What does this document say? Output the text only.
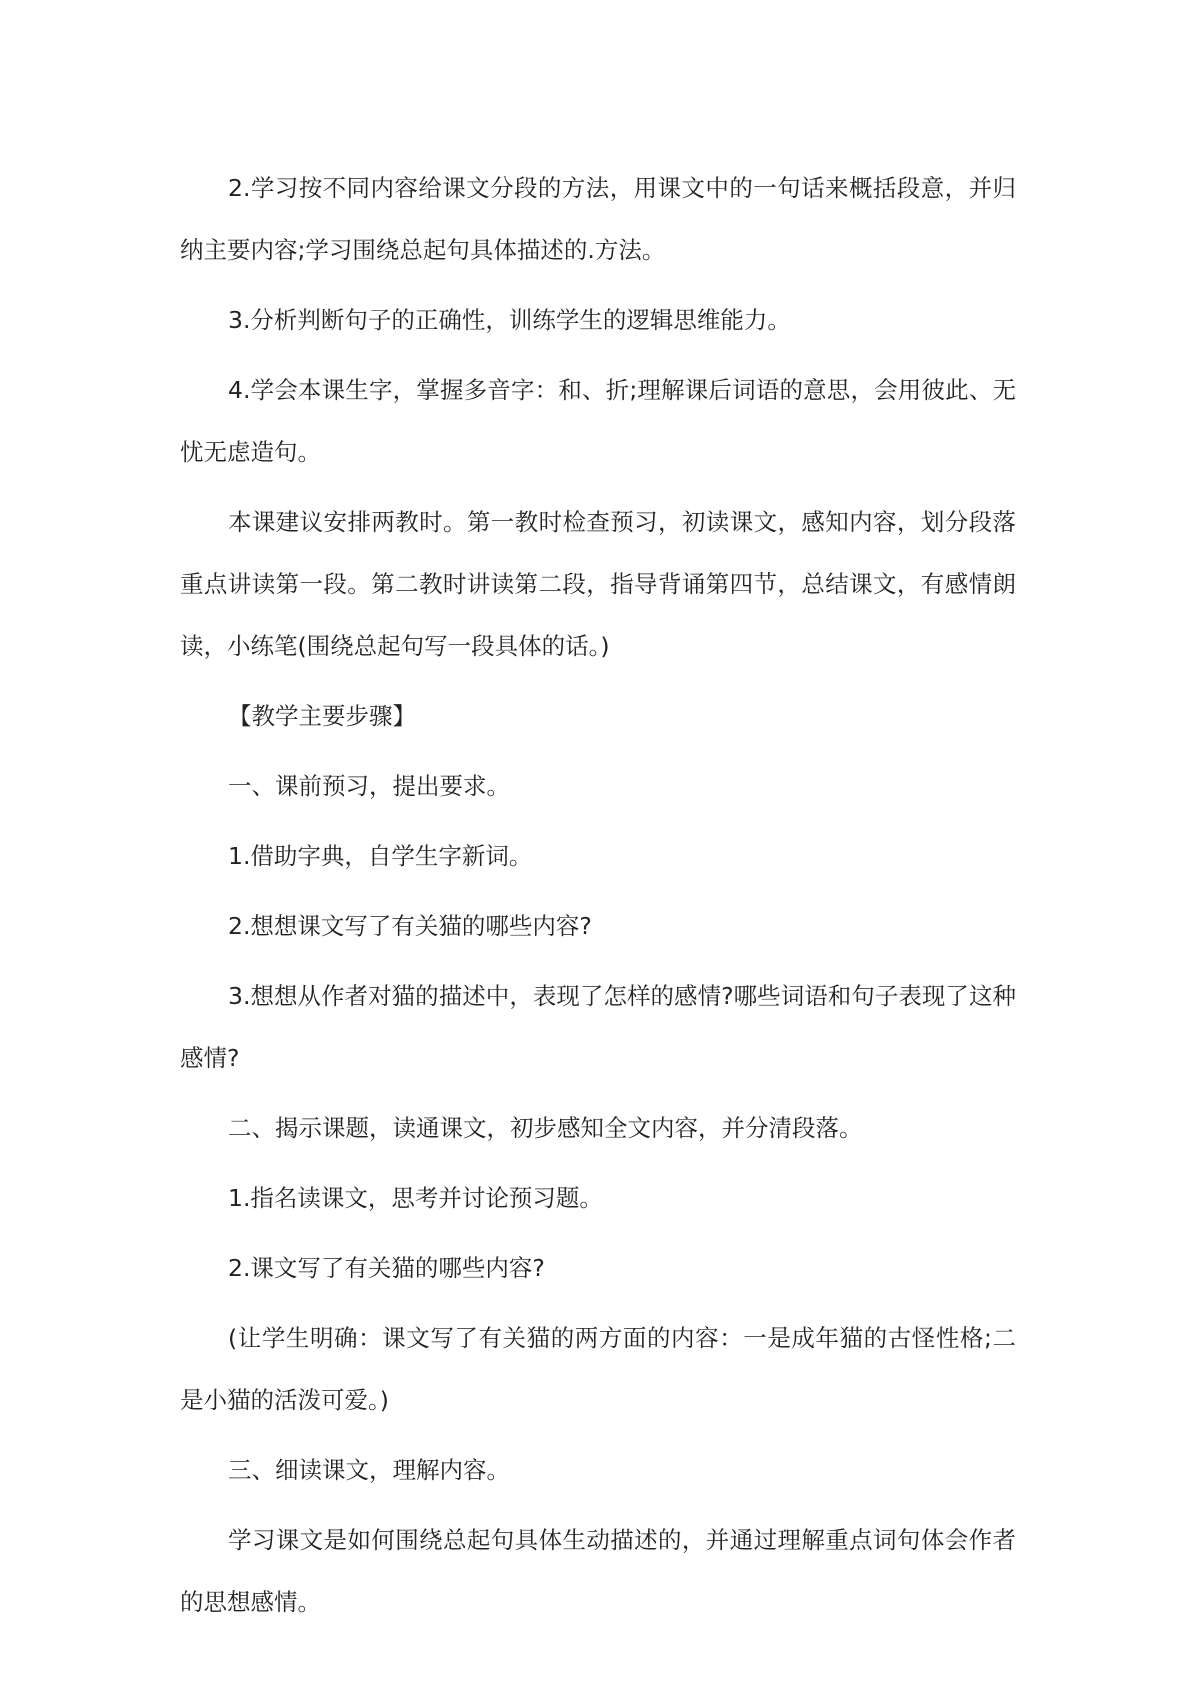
2.学习按不同内容给课文分段的方法，用课文中的一句话来概括段意，并归纳主要内容;学习围绕总起句具体描述的.方法。

3.分析判断句子的正确性，训练学生的逻辑思维能力。

4.学会本课生字，掌握多音字：和、折;理解课后词语的意思，会用彼此、无忧无虑造句。

本课建议安排两教时。第一教时检查预习，初读课文，感知内容，划分段落重点讲读第一段。第二教时讲读第二段，指导背诵第四节，总结课文，有感情朗读，小练笔(围绕总起句写一段具体的话。)

【教学主要步骤】

一、课前预习，提出要求。

1.借助字典，自学生字新词。

2.想想课文写了有关猫的哪些内容?

3.想想从作者对猫的描述中，表现了怎样的感情?哪些词语和句子表现了这种感情?

二、揭示课题，读通课文，初步感知全文内容，并分清段落。

1.指名读课文，思考并讨论预习题。

2.课文写了有关猫的哪些内容?

(让学生明确：课文写了有关猫的两方面的内容：一是成年猫的古怪性格;二是小猫的活泼可爱。)

三、细读课文，理解内容。

学习课文是如何围绕总起句具体生动描述的，并通过理解重点词句体会作者的思想感情。
